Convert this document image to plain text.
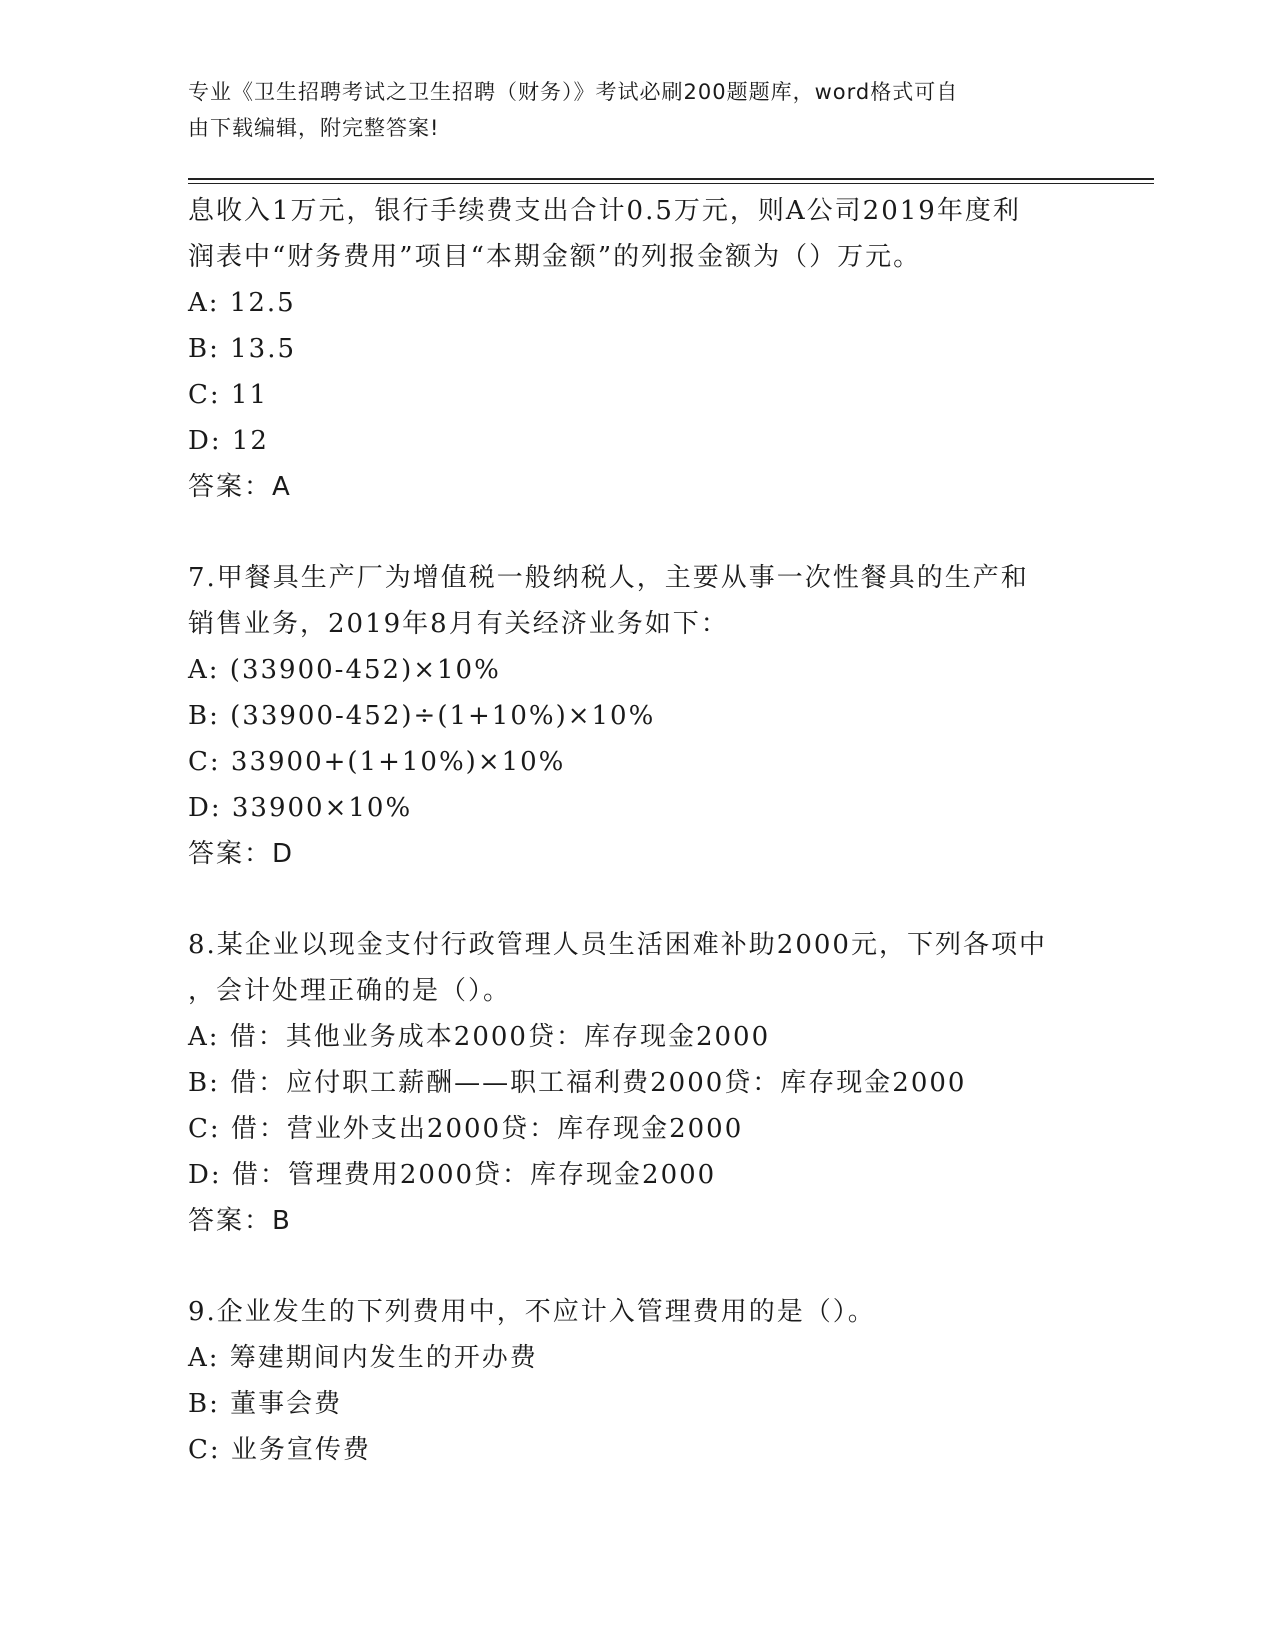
专业《卫生招聘考试之卫生招聘（财务）》考试必刷200题题库，word格式可自
由下载编辑，附完整答案!
息收入1万元，银行手续费支出合计0.5万元，则A公司2019年度利
润表中“财务费用”项目“本期金额”的列报金额为（）万元。
A: 12.5
B: 13.5
C: 11
D: 12
答案：A
7.甲餐具生产厂为增值税一般纳税人，主要从事一次性餐具的生产和
销售业务，2019年8月有关经济业务如下：
A: (33900-452)×10%
B: (33900-452)÷(1+10%)×10%
C: 33900+(1+10%)×10%
D: 33900×10%
答案：D
8.某企业以现金支付行政管理人员生活困难补助2000元，下列各项中
，会计处理正确的是（）。
A: 借：其他业务成本2000贷：库存现金2000
B: 借：应付职工薪酬——职工福利费2000贷：库存现金2000
C: 借：营业外支出2000贷：库存现金2000
D: 借：管理费用2000贷：库存现金2000
答案：B
9.企业发生的下列费用中，不应计入管理费用的是（）。
A: 筹建期间内发生的开办费
B: 董事会费
C: 业务宣传费
